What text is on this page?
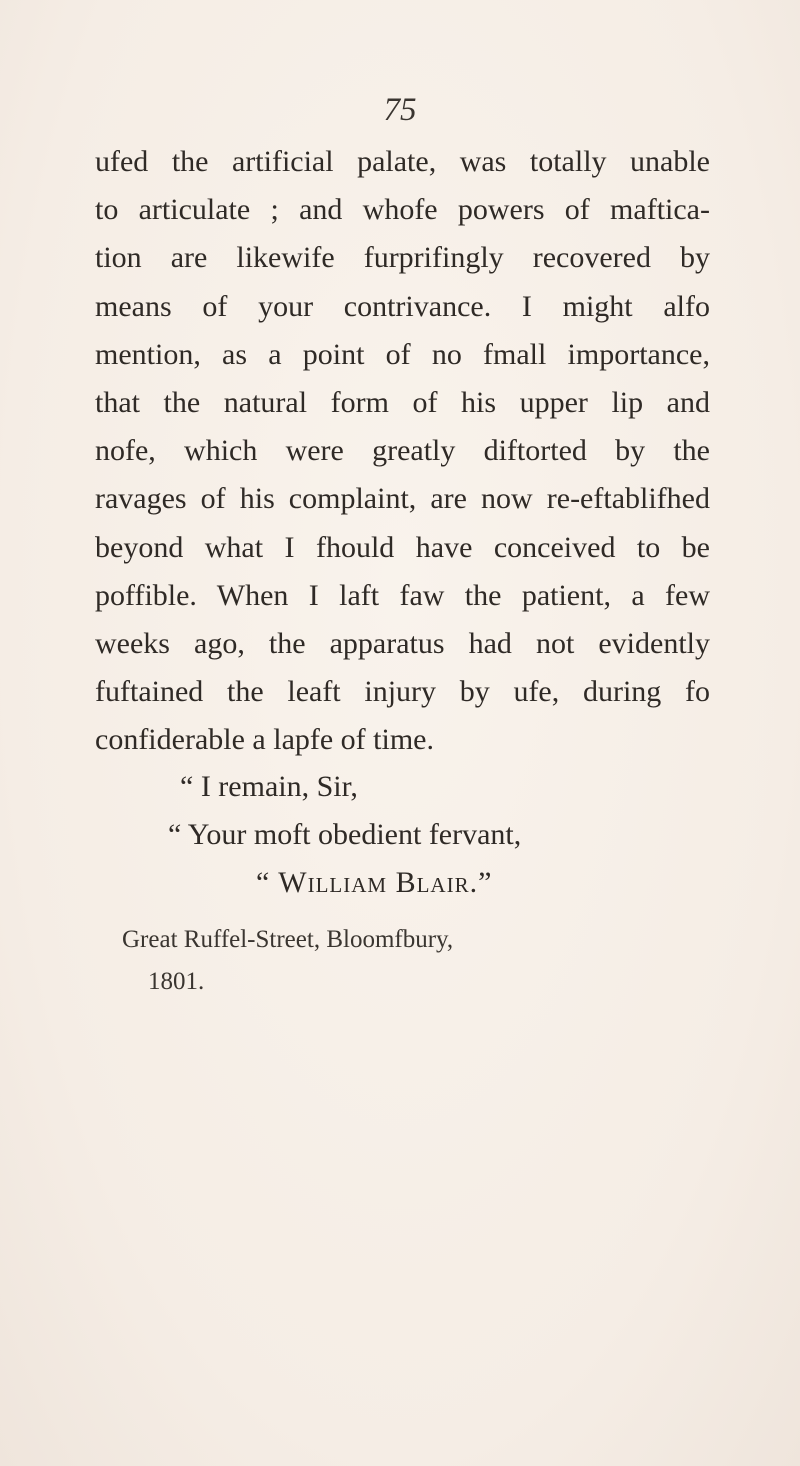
75
ufed the artificial palate, was totally unable
to articulate ; and whofe powers of maftica-
tion are likewife furprifingly recovered by
means of your contrivance. I might alfo
mention, as a point of no fmall importance,
that the natural form of his upper lip and
nofe, which were greatly diftorted by the
ravages of his complaint, are now re-eftablifhed
beyond what I fhould have conceived to be
poffible. When I laft faw the patient, a few
weeks ago, the apparatus had not evidently
fuftained the leaft injury by ufe, during fo
confiderable a lapfe of time.
“ I remain, Sir,
“ Your moft obedient fervant,
“ William Blair.”
Great Ruffel-Street, Bloomfbury,
1801.
